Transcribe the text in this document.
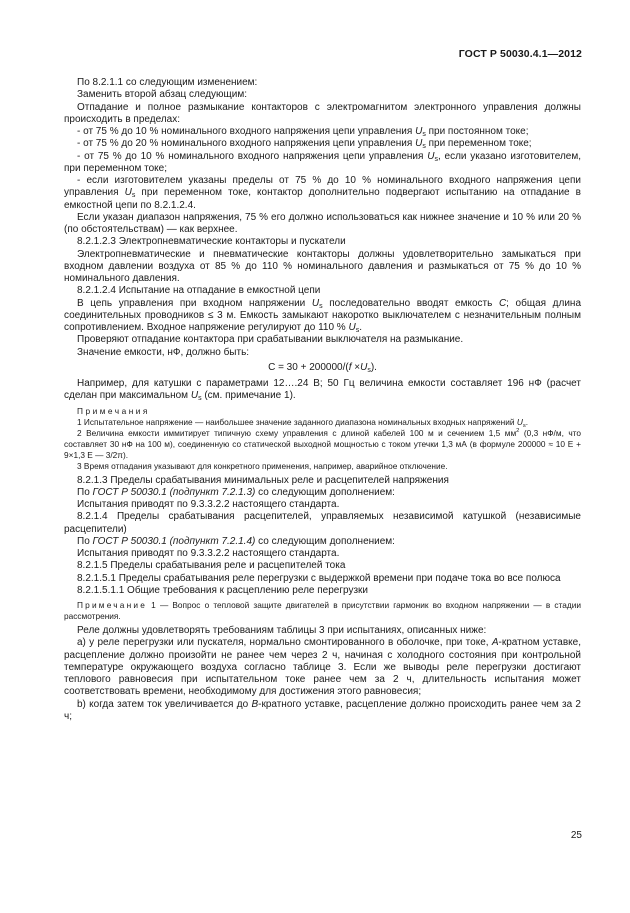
ГОСТ Р 50030.4.1—2012

По 8.2.1.1 со следующим изменением:

Заменить второй абзац следующим:

Отпадание и полное размыкание контакторов с электромагнитом электронного управления должны происходить в пределах:

- от 75 % до 10 % номинального входного напряжения цепи управления $U_s$ при постоянном токе;

- от 75 % до 20 % номинального входного напряжения цепи управления $U_s$ при переменном токе;

- от 75 % до 10 % номинального входного напряжения цепи управления $U_s$, если указано изготовителем, при переменном токе;

- если изготовителем указаны пределы от 75 % до 10 % номинального входного напряжения цепи управления $U_s$ при переменном токе, контактор дополнительно подвергают испытанию на отпадание в емкостной цепи по 8.2.1.2.4.

Если указан диапазон напряжения, 75 % его должно использоваться как нижнее значение и 10 % или 20 % (по обстоятельствам) — как верхнее.

8.2.1.2.3 Электропневматические контакторы и пускатели

Электропневматические и пневматические контакторы должны удовлетворительно замыкаться при входном давлении воздуха от 85 % до 110 % номинального давления и размыкаться от 75 % до 10 % номинального давления.

8.2.1.2.4 Испытание на отпадание в емкостной цепи

В цепь управления при входном напряжении $U_s$ последовательно вводят емкость C; общая длина соединительных проводников ≤ 3 м. Емкость замыкают накоротко выключателем с незначительным полным сопротивлением. Входное напряжение регулируют до 110 % $U_s$.

Проверяют отпадание контактора при срабатывании выключателя на размыкание.

Значение емкости, нФ, должно быть:

$C = 30 + 200000/(f \times U_s)$.

Например, для катушки с параметрами 12….24 В; 50 Гц величина емкости составляет 196 нФ (расчет сделан при максимальном $U_s$ (см. примечание 1).

Примечания

1 Испытательное напряжение — наибольшее значение заданного диапазона номинальных входных напряжений $U_s$.

2 Величина емкости иммитирует типичную схему управления с длиной кабелей 100 м и сечением 1,5 $мм^2$ (0,3 нФ/м, что составляет 30 нФ на 100 м), соединенную со статической выходной мощностью с током утечки 1,3 мА (в формуле 200000 ≈ 10 Е + 9×1,3 Е — 3/2π).

3 Время отпадания указывают для конкретного применения, например, аварийное отключение.

8.2.1.3 Пределы срабатывания минимальных реле и расцепителей напряжения

По ГОСТ Р 50030.1 (подпункт 7.2.1.3) со следующим дополнением:

Испытания приводят по 9.3.3.2.2 настоящего стандарта.

8.2.1.4 Пределы срабатывания расцепителей, управляемых независимой катушкой (независимые расцепители)

По ГОСТ Р 50030.1 (подпункт 7.2.1.4) со следующим дополнением:

Испытания приводят по 9.3.3.2.2 настоящего стандарта.

8.2.1.5 Пределы срабатывания реле и расцепителей тока

8.2.1.5.1 Пределы срабатывания реле перегрузки с выдержкой времени при подаче тока во все полюса

8.2.1.5.1.1 Общие требования к расцеплению реле перегрузки

Примечание 1 — Вопрос о тепловой защите двигателей в присутствии гармоник во входном напряжении — в стадии рассмотрения.

Реле должны удовлетворять требованиям таблицы 3 при испытаниях, описанных ниже:

a) у реле перегрузки или пускателя, нормально смонтированного в оболочке, при токе, А-кратном уставке, расцепление должно произойти не ранее чем через 2 ч, начиная с холодного состояния при контрольной температуре окружающего воздуха согласно таблице 3. Если же выводы реле перегрузки достигают теплового равновесия при испытательном токе ранее чем за 2 ч, длительность испытания может соответствовать времени, необходимому для достижения этого равновесия;

b) когда затем ток увеличивается до В-кратного уставке, расцепление должно происходить ранее чем за 2 ч;

25
